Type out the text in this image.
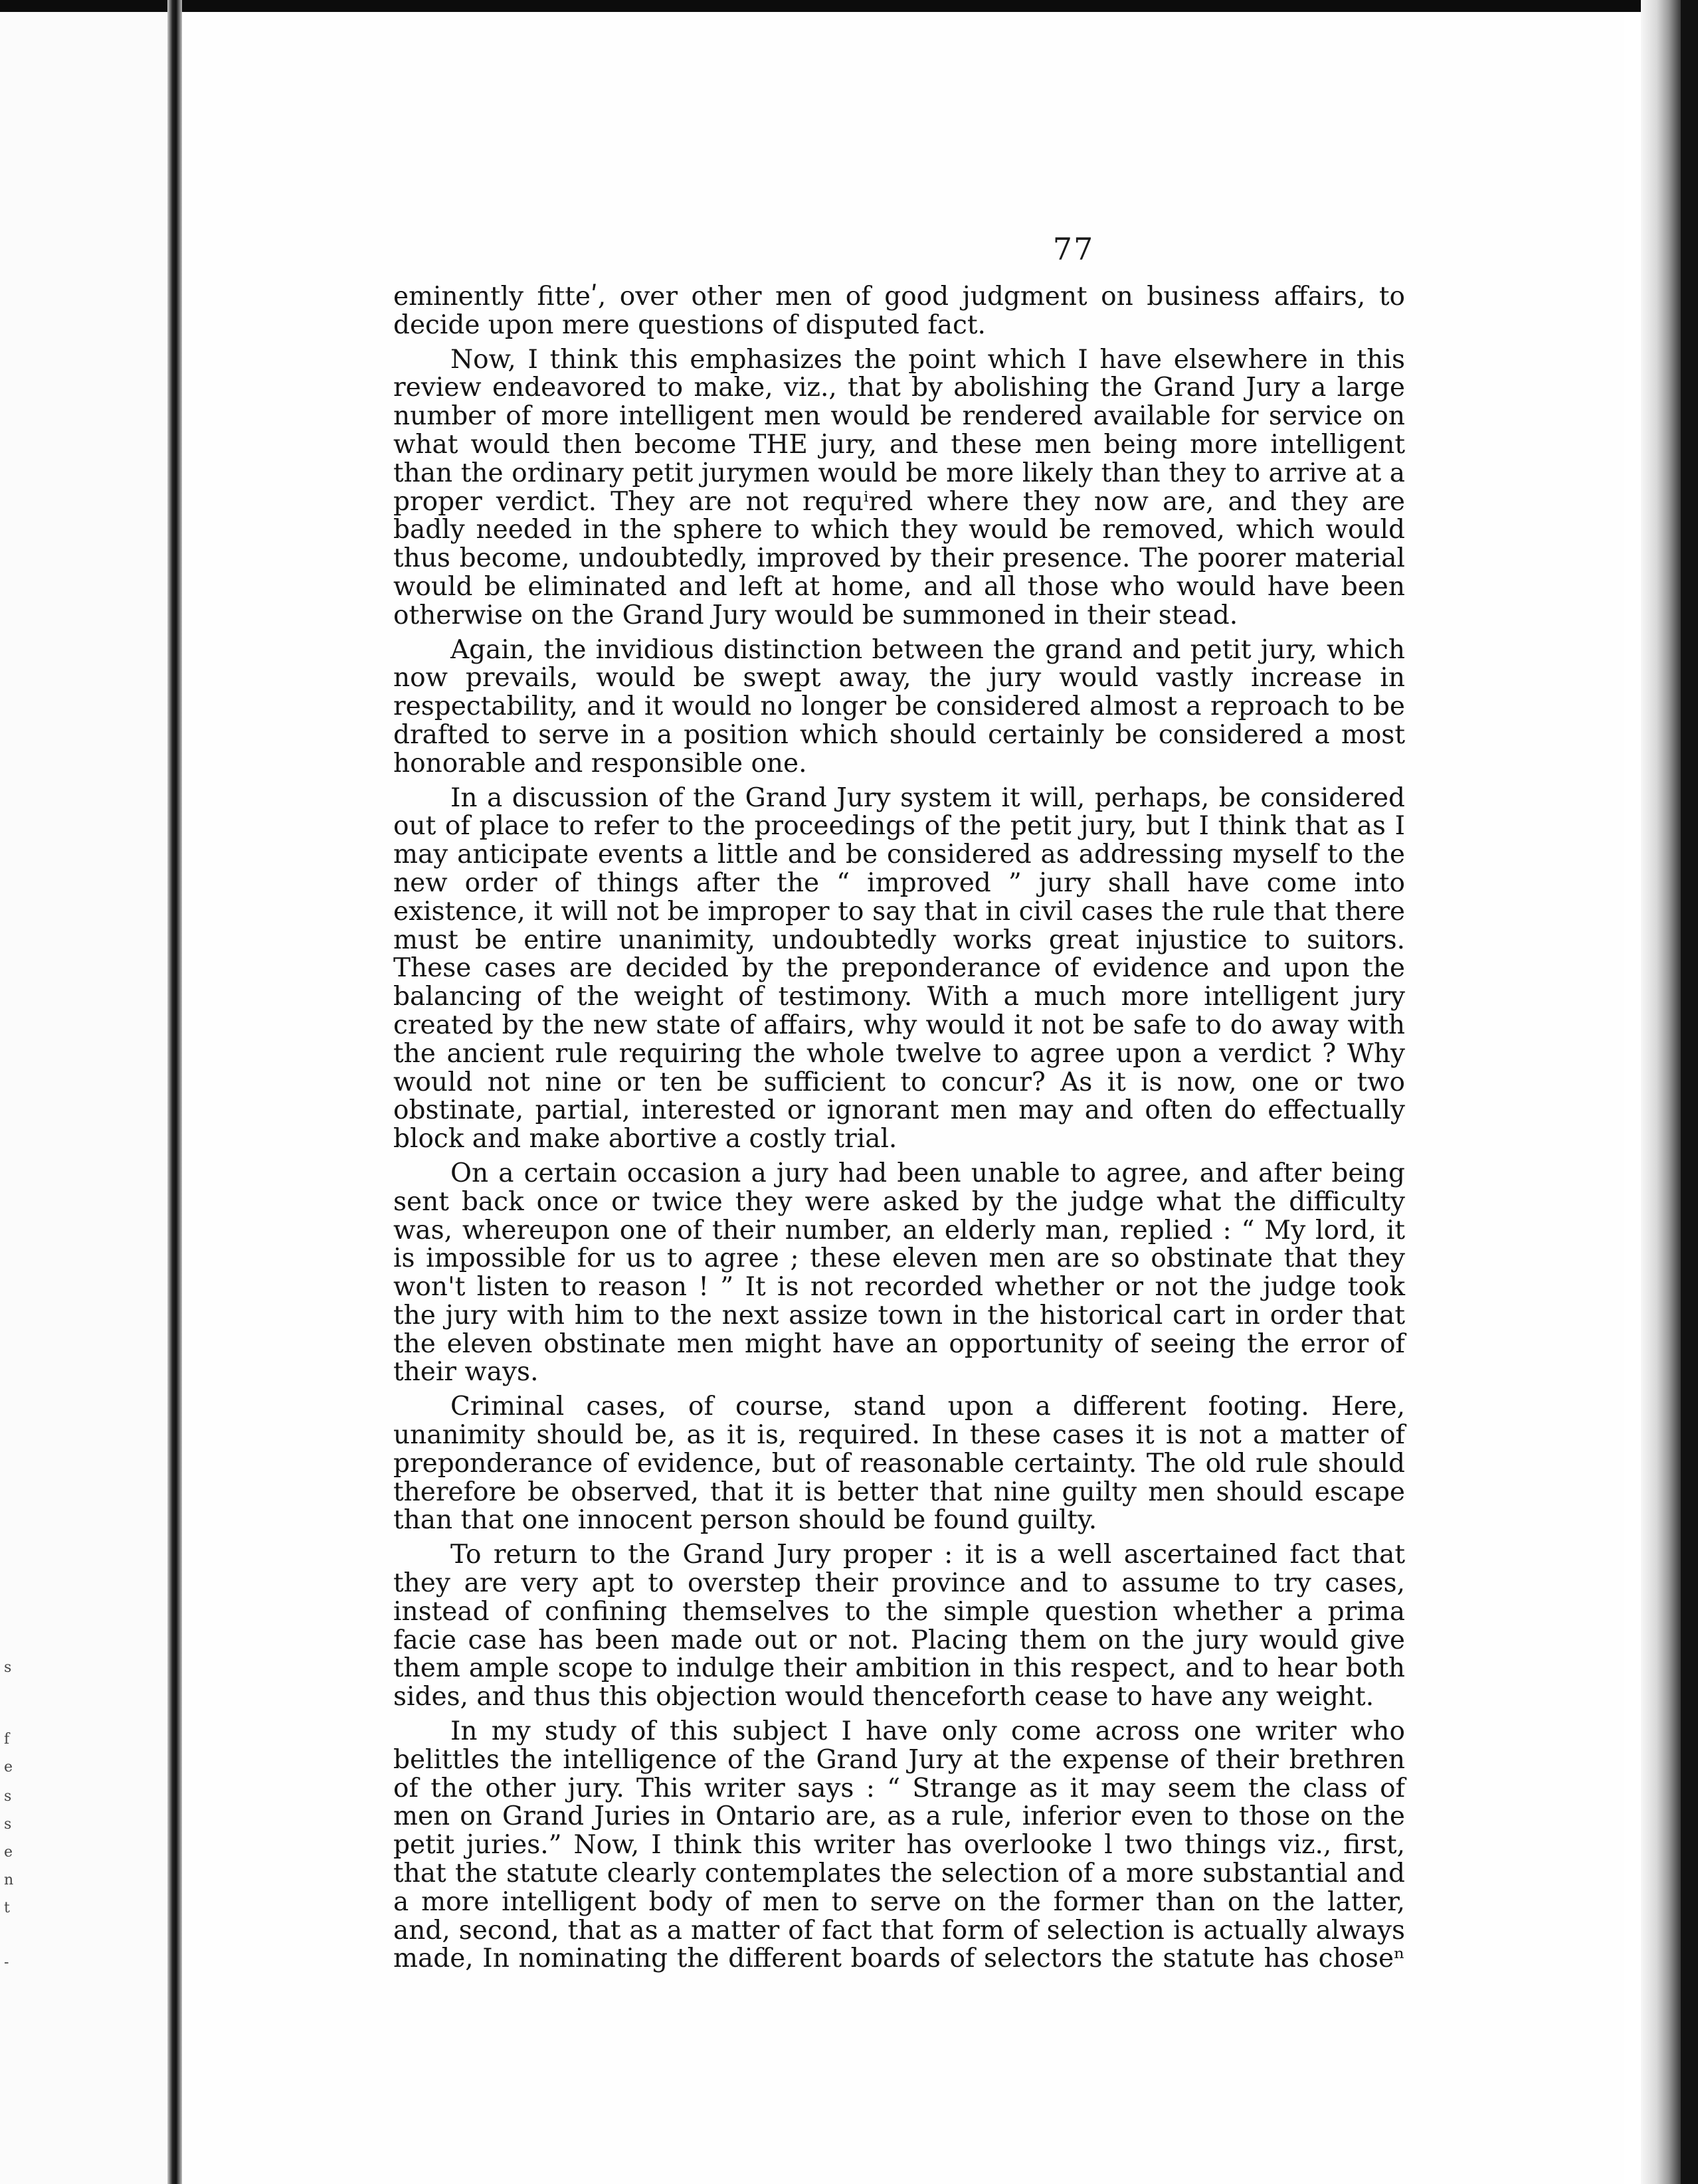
s
f
e
s
s
e
n
t
-
77

eminently fitteʹ, over other men of good judgment on business affairs, to decide upon mere questions of disputed fact.

Now, I think this emphasizes the point which I have elsewhere in this review endeavored to make, viz., that by abolishing the Grand Jury a large number of more intelligent men would be rendered available for service on what would then become THE jury, and these men being more intelligent than the ordinary petit jurymen would be more likely than they to arrive at a proper verdict. They are not requⁱred where they now are, and they are badly needed in the sphere to which they would be removed, which would thus become, undoubtedly, improved by their presence. The poorer material would be eliminated and left at home, and all those who would have been otherwise on the Grand Jury would be summoned in their stead.

Again, the invidious distinction between the grand and petit jury, which now prevails, would be swept away, the jury would vastly increase in respectability, and it would no longer be considered almost a reproach to be drafted to serve in a position which should certainly be considered a most honorable and responsible one.

In a discussion of the Grand Jury system it will, perhaps, be considered out of place to refer to the proceedings of the petit jury, but I think that as I may anticipate events a little and be considered as addressing myself to the new order of things after the “ improved ” jury shall have come into existence, it will not be improper to say that in civil cases the rule that there must be entire unanimity, undoubtedly works great injustice to suitors. These cases are decided by the preponderance of evidence and upon the balancing of the weight of testimony. With a much more intelligent jury created by the new state of affairs, why would it not be safe to do away with the ancient rule requiring the whole twelve to agree upon a verdict ? Why would not nine or ten be sufficient to concur? As it is now, one or two obstinate, partial, interested or ignorant men may and often do effectually block and make abortive a costly trial.

On a certain occasion a jury had been unable to agree, and after being sent back once or twice they were asked by the judge what the difficulty was, whereupon one of their number, an elderly man, replied : “ My lord, it is impossible for us to agree ; these eleven men are so obstinate that they won't listen to reason ! ” It is not recorded whether or not the judge took the jury with him to the next assize town in the historical cart in order that the eleven obstinate men might have an opportunity of seeing the error of their ways.

Criminal cases, of course, stand upon a different footing. Here, unanimity should be, as it is, required. In these cases it is not a matter of preponderance of evidence, but of reasonable certainty. The old rule should therefore be observed, that it is better that nine guilty men should escape than that one innocent person should be found guilty.

To return to the Grand Jury proper : it is a well ascertained fact that they are very apt to overstep their province and to assume to try cases, instead of confining themselves to the simple question whether a prima facie case has been made out or not. Placing them on the jury would give them ample scope to indulge their ambition in this respect, and to hear both sides, and thus this objection would thenceforth cease to have any weight.

In my study of this subject I have only come across one writer who belittles the intelligence of the Grand Jury at the expense of their brethren of the other jury. This writer says : “ Strange as it may seem the class of men on Grand Juries in Ontario are, as a rule, inferior even to those on the petit juries.” Now, I think this writer has overlooke l two things viz., first, that the statute clearly contemplates the selection of a more substantial and a more intelligent body of men to serve on the former than on the latter, and, second, that as a matter of fact that form of selection is actually always made, In nominating the different boards of selectors the statute has choseⁿ
